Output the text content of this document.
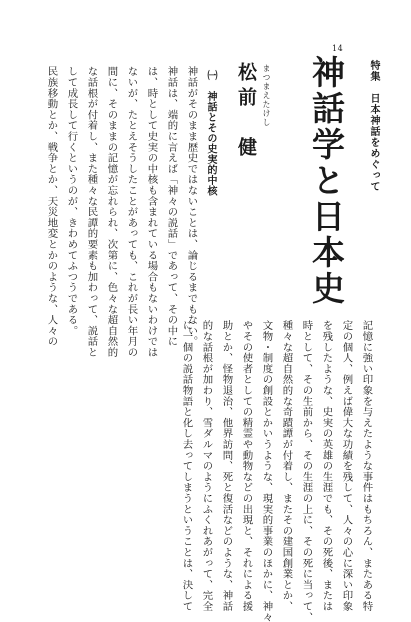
14
特集　日本神話をめぐって
神話学と日本史
まつまえたけし
松前　健
㈠　神話とその史実的中核
神話がそのまま歴史ではないことは、論じるまでもない。
神話は、端的に言えば「神々の説話」であって、その中に
は、時として史実の中核も含まれている場合もないわけでは
ないが、たとえそうしたことがあっても、これが長い年月の
間に、そのままの記憶が忘れられ、次第に、色々な超自然的
な話根が付着し、また種々な民譚的要素も加わって、説話と
して成長して行くというのが、きわめてふつうである。
民族移動とか、戦争とか、天災地変とかのような、人々の
記憶に強い印象を与えたような事件はもちろん、またある特
定の個人、例えば偉大な功績を残して、人々の心に深い印象
を残したような、史実の英雄の生涯でも、その死後、または
時として、その生前から、その生涯の上に、その死に当って、
種々な超自然的な奇蹟譚が付着し、またその建国創業とか、
文物・制度の創設とかいうような、現実的事業のほかに、神々
やその使者としての精霊や動物などの出現と、それによる援
助とか、怪物退治、他界訪問、死と復活などのような、神話
的な話根が加わり、雪ダルマのようにふくれあがって、完全
に一個の説話物語と化し去ってしまうということは、決して
